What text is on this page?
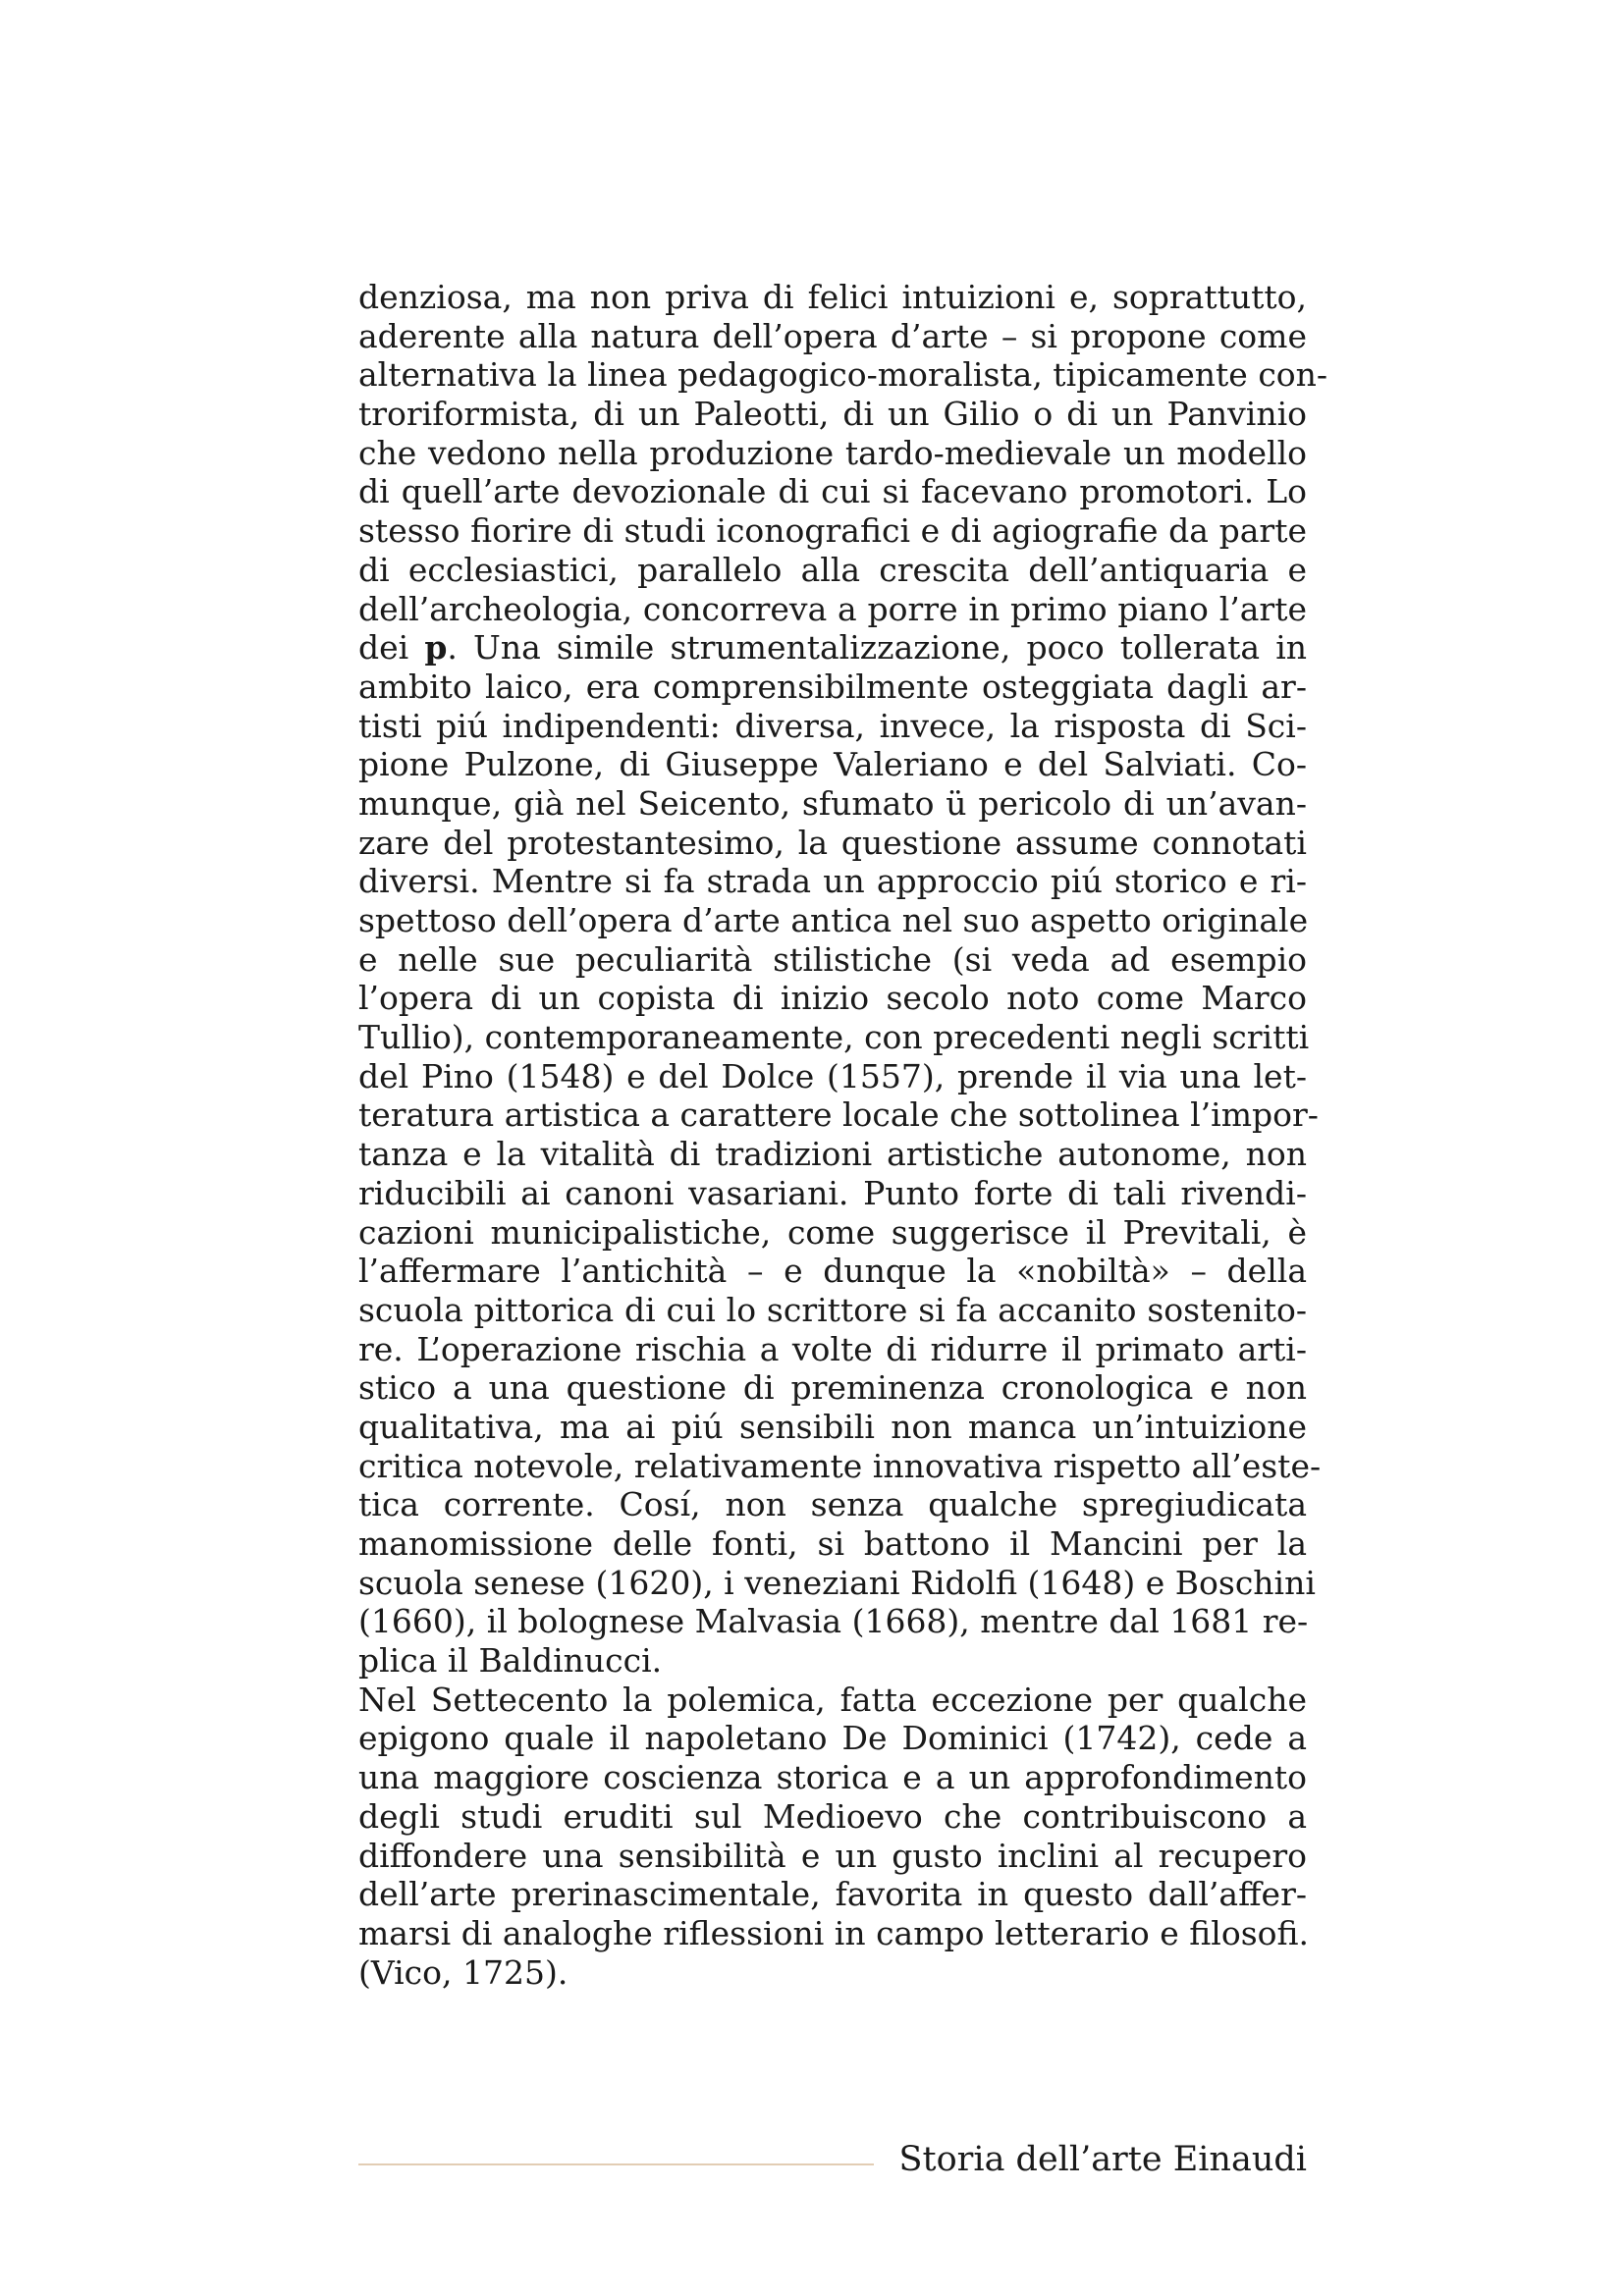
denziosa, ma non priva di felici intuizioni e, soprattutto,
aderente alla natura dell’opera d’arte – si propone come
alternativa la linea pedagogico-moralista, tipicamente con-
troriformista, di un Paleotti, di un Gilio o di un Panvinio
che vedono nella produzione tardo-medievale un modello
di quell’arte devozionale di cui si facevano promotori. Lo
stesso fiorire di studi iconografici e di agiografie da parte
di ecclesiastici, parallelo alla crescita dell’antiquaria e
dell’archeologia, concorreva a porre in primo piano l’arte
dei p. Una simile strumentalizzazione, poco tollerata in
ambito laico, era comprensibilmente osteggiata dagli ar-
tisti piú indipendenti: diversa, invece, la risposta di Sci-
pione Pulzone, di Giuseppe Valeriano e del Salviati. Co-
munque, già nel Seicento, sfumato ü pericolo di un’avan-
zare del protestantesimo, la questione assume connotati
diversi. Mentre si fa strada un approccio piú storico e ri-
spettoso dell’opera d’arte antica nel suo aspetto originale
e nelle sue peculiarità stilistiche (si veda ad esempio
l’opera di un copista di inizio secolo noto come Marco
Tullio), contemporaneamente, con precedenti negli scritti
del Pino (1548) e del Dolce (1557), prende il via una let-
teratura artistica a carattere locale che sottolinea l’impor-
tanza e la vitalità di tradizioni artistiche autonome, non
riducibili ai canoni vasariani. Punto forte di tali rivendi-
cazioni municipalistiche, come suggerisce il Previtali, è
l’affermare l’antichità – e dunque la «nobiltà» – della
scuola pittorica di cui lo scrittore si fa accanito sostenito-
re. L’operazione rischia a volte di ridurre il primato arti-
stico a una questione di preminenza cronologica e non
qualitativa, ma ai piú sensibili non manca un’intuizione
critica notevole, relativamente innovativa rispetto all’este-
tica corrente. Cosí, non senza qualche spregiudicata
manomissione delle fonti, si battono il Mancini per la
scuola senese (1620), i veneziani Ridolfi (1648) e Boschini
(1660), il bolognese Malvasia (1668), mentre dal 1681 re-
plica il Baldinucci.
Nel Settecento la polemica, fatta eccezione per qualche
epigono quale il napoletano De Dominici (1742), cede a
una maggiore coscienza storica e a un approfondimento
degli studi eruditi sul Medioevo che contribuiscono a
diffondere una sensibilità e un gusto inclini al recupero
dell’arte prerinascimentale, favorita in questo dall’affer-
marsi di analoghe riflessioni in campo letterario e filosofi.
(Vico, 1725).
Storia dell’arte Einaudi
